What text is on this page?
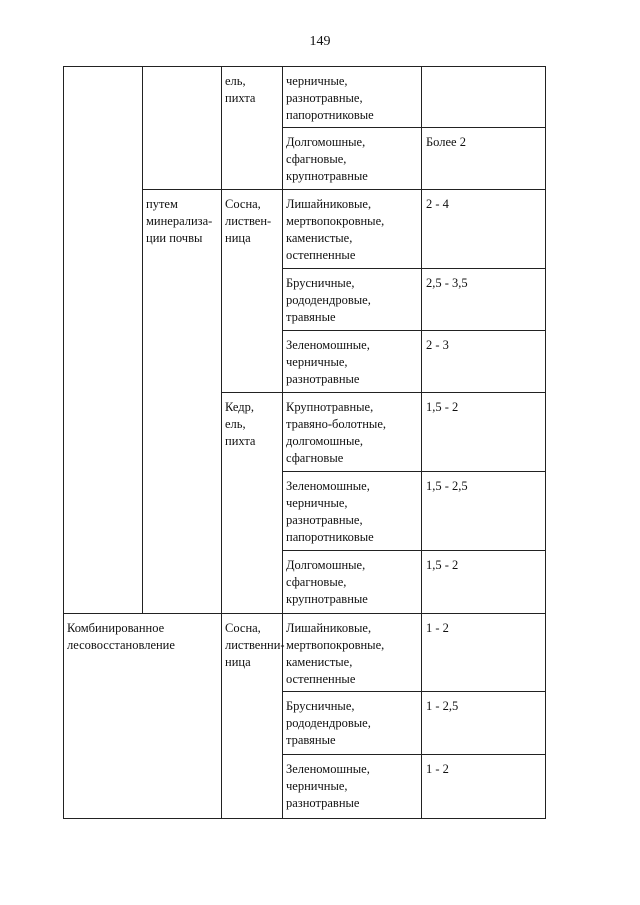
149
		ель,
пихта	черничные,
разнотравные,
папоротниковые	
			Долгомошные,
сфагновые,
крупнотравные	Более 2
	путем
минерализа-
ции почвы	Сосна,
листвен-
ница	Лишайниковые,
мертвопокровные,
каменистые,
остепненные	2 - 4
			Брусничные,
рододендровые,
травяные	2,5 - 3,5
			Зеленомошные,
черничные,
разнотравные	2 - 3
		Кедр,
ель,
пихта	Крупнотравные,
травяно-болотные,
долгомошные,
сфагновые	1,5 - 2
			Зеленомошные,
черничные,
разнотравные,
папоротниковые	1,5 - 2,5
			Долгомошные,
сфагновые,
крупнотравные	1,5 - 2
Комбинированное
лесовосстановление		Сосна,
лиственни-
ница	Лишайниковые,
мертвопокровные,
каменистые,
остепненные	1 - 2
			Брусничные,
рододендровые,
травяные	1 - 2,5
			Зеленомошные,
черничные,
разнотравные	1 - 2
